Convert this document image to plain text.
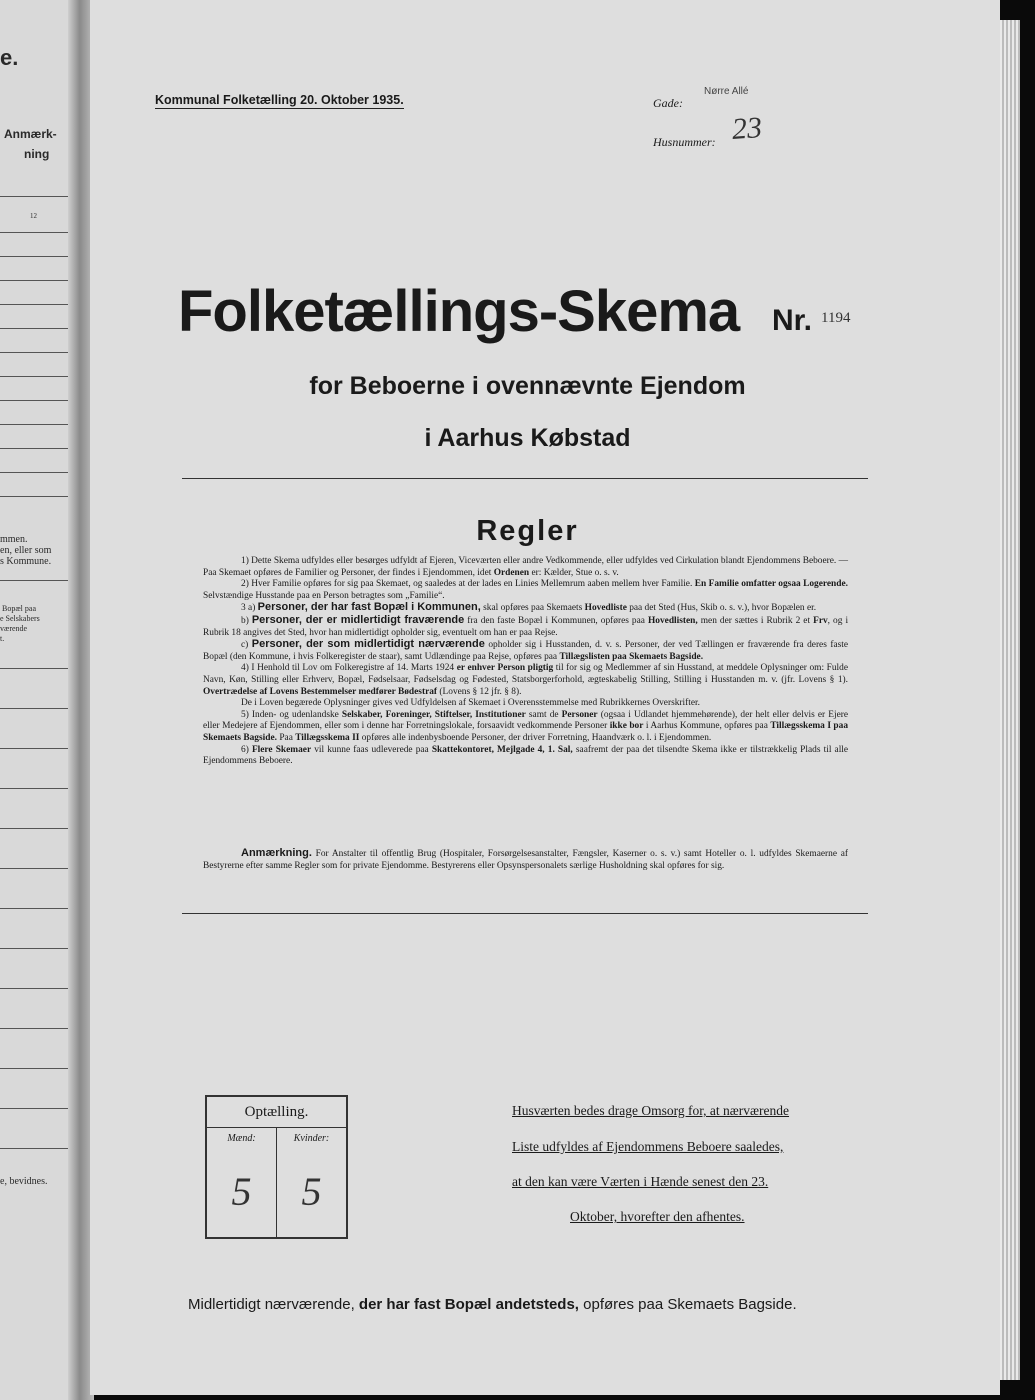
e.
Anmærk-
ning
12
mmen.
en, eller som
s Kommune.
Bopæl paa
e Selskabers
værende
t.
e, bevidnes.
Kommunal Folketælling 20. Oktober 1935.	Gade:
Nørre Allé
Husnummer: 23
Folketællings-Skema Nr. 1194
for Beboerne i ovennævnte Ejendom
i Aarhus Købstad
Regler

1) Dette Skema udfyldes eller besørges udfyldt af Ejeren, Viceværten eller andre Vedkommende, eller udfyldes ved Cirkulation blandt Ejendommens Beboere. — Paa Skemaet opføres de Familier og Personer, der findes i Ejendommen, idet Ordenen er: Kælder, Stue o. s. v.

2) Hver Familie opføres for sig paa Skemaet, og saaledes at der lades en Linies Mellemrum aaben mellem hver Familie. En Familie omfatter ogsaa Logerende. Selvstændige Husstande paa en Person betragtes som „Familie“.

3 a) Personer, der har fast Bopæl i Kommunen, skal opføres paa Skemaets Hovedliste paa det Sted (Hus, Skib o. s. v.), hvor Bopælen er.

b) Personer, der er midlertidigt fraværende fra den faste Bopæl i Kommunen, opføres paa Hovedlisten, men der sættes i Rubrik 2 et Frv, og i Rubrik 18 angives det Sted, hvor han midlertidigt opholder sig, eventuelt om han er paa Rejse.

c) Personer, der som midlertidigt nærværende opholder sig i Husstanden, d. v. s. Personer, der ved Tællingen er fraværende fra deres faste Bopæl (den Kommune, i hvis Folkeregister de staar), samt Udlændinge paa Rejse, opføres paa Tillægslisten paa Skemaets Bagside.

4) I Henhold til Lov om Folkeregistre af 14. Marts 1924 er enhver Person pligtig til for sig og Medlemmer af sin Husstand, at meddele Oplysninger om: Fulde Navn, Køn, Stilling eller Erhverv, Bopæl, Fødselsaar, Fødselsdag og Fødested, Statsborgerforhold, ægteskabelig Stilling, Stilling i Husstanden m. v. (jfr. Lovens § 1). Overtrædelse af Lovens Bestemmelser medfører Bødestraf (Lovens § 12 jfr. § 8).

De i Loven begærede Oplysninger gives ved Udfyldelsen af Skemaet i Overensstemmelse med Rubrikkernes Overskrifter.

5) Inden- og udenlandske Selskaber, Foreninger, Stiftelser, Institutioner samt de Personer (ogsaa i Udlandet hjemmehørende), der helt eller delvis er Ejere eller Medejere af Ejendommen, eller som i denne har Forretningslokale, forsaavidt vedkommende Personer ikke bor i Aarhus Kommune, opføres paa Tillægsskema I paa Skemaets Bagside. Paa Tillægsskema II opføres alle indenbysboende Personer, der driver Forretning, Haandværk o. l. i Ejendommen.

6) Flere Skemaer vil kunne faas udleverede paa Skattekontoret, Mejlgade 4, 1. Sal, saafremt der paa det tilsendte Skema ikke er tilstrækkelig Plads til alle Ejendommens Beboere.

Anmærkning. For Anstalter til offentlig Brug (Hospitaler, Forsørgelsesanstalter, Fængsler, Kaserner o. s. v.) samt Hoteller o. l. udfyldes Skemaerne af Bestyrerne efter samme Regler som for private Ejendomme. Bestyrerens eller Opsynspersonalets særlige Husholdning skal opføres for sig.
Optælling.
Mænd:
5
Kvinder:
5
Husværten bedes drage Omsorg for, at nærværende
Liste udfyldes af Ejendommens Beboere saaledes,
at den kan være Værten i Hænde senest den 23.
Oktober, hvorefter den afhentes.
Midlertidigt nærværende, der har fast Bopæl andetsteds, opføres paa Skemaets Bagside.
